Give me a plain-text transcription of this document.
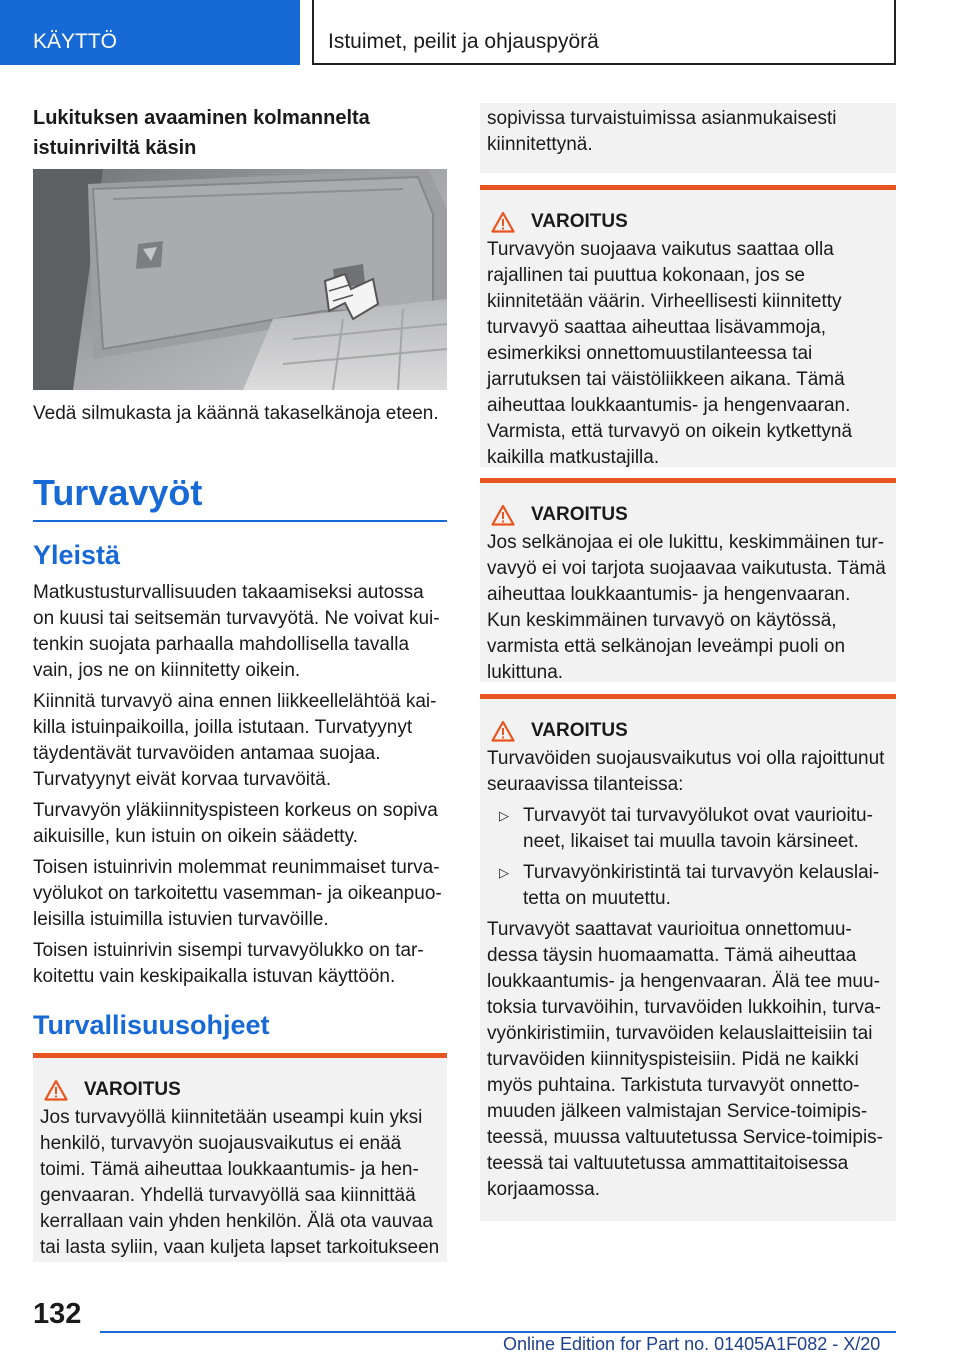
KÄYTTÖ	Istuimet, peilit ja ohjauspyörä
Lukituksen avaaminen kolmannelta istuinriviltä käsin
Vedä silmukasta ja käännä takaselkänoja eteen.
Turvavyöt
Yleistä

Matkustusturvallisuuden takaamiseksi autossa on kuusi tai seitsemän turvavyötä. Ne voivat kuitenkin suojata parhaalla mahdollisella tavalla vain, jos ne on kiinnitetty oikein.

Kiinnitä turvavyö aina ennen liikkeellelähtöä kaikilla istuinpaikoilla, joilla istutaan. Turvatyynyt täydentävät turvavöiden antamaa suojaa. Turvatyynyt eivät korvaa turvavöitä.

Turvavyön yläkiinnityspisteen korkeus on sopiva aikuisille, kun istuin on oikein säädetty.

Toisen istuinrivin molemmat reunimmaiset turvavyölukot on tarkoitettu vasemman- ja oikeanpuoleisilla istuimilla istuvien turvavöille.

Toisen istuinrivin sisempi turvavyölukko on tarkoitettu vain keskipaikalla istuvan käyttöön.

Turvallisuusohjeet
VAROITUS
Jos turvavyöllä kiinnitetään useampi kuin yksi henkilö, turvavyön suojausvaikutus ei enää toimi. Tämä aiheuttaa loukkaantumis- ja hengenvaaran. Yhdellä turvavyöllä saa kiinnittää kerrallaan vain yhden henkilön. Älä ota vauvaa tai lasta syliin, vaan kuljeta lapset tarkoitukseen
sopivissa turvaistuimissa asianmukaisesti kiinnitettynä.
VAROITUS
Turvavyön suojaava vaikutus saattaa olla rajallinen tai puuttua kokonaan, jos se kiinnitetään väärin. Virheellisesti kiinnitetty turvavyö saattaa aiheuttaa lisävammoja, esimerkiksi onnettomuustilanteessa tai jarrutuksen tai väistöliikkeen aikana. Tämä aiheuttaa loukkaantumis- ja hengenvaaran. Varmista, että turvavyö on oikein kytkettynä kaikilla matkustajilla.
VAROITUS
Jos selkänojaa ei ole lukittu, keskimmäinen turvavyö ei voi tarjota suojaavaa vaikutusta. Tämä aiheuttaa loukkaantumis- ja hengenvaaran. Kun keskimmäinen turvavyö on käytössä, varmista että selkänojan leveämpi puoli on lukittuna.
VAROITUS

Turvavöiden suojausvaikutus voi olla rajoittunut seuraavissa tilanteissa:

▷ Turvavyöt tai turvavyölukot ovat vaurioituneet, likaiset tai muulla tavoin kärsineet.
▷ Turvavyönkiristintä tai turvavyön kelauslaitetta on muutettu.

Turvavyöt saattavat vaurioitua onnettomuudessa täysin huomaamatta. Tämä aiheuttaa loukkaantumis- ja hengenvaaran. Älä tee muutoksia turvavöihin, turvavöiden lukkoihin, turvavyönkiristimiin, turvavöiden kelauslaitteisiin tai turvavöiden kiinnityspisteisiin. Pidä ne kaikki myös puhtaina. Tarkistuta turvavyöt onnettomuuden jälkeen valmistajan Service-toimipisteessä, muussa valtuutetussa Service-toimipisteessä tai valtuutetussa ammattitaitoisessa korjaamossa.

132
Online Edition for Part no. 01405A1F082 - X/20
